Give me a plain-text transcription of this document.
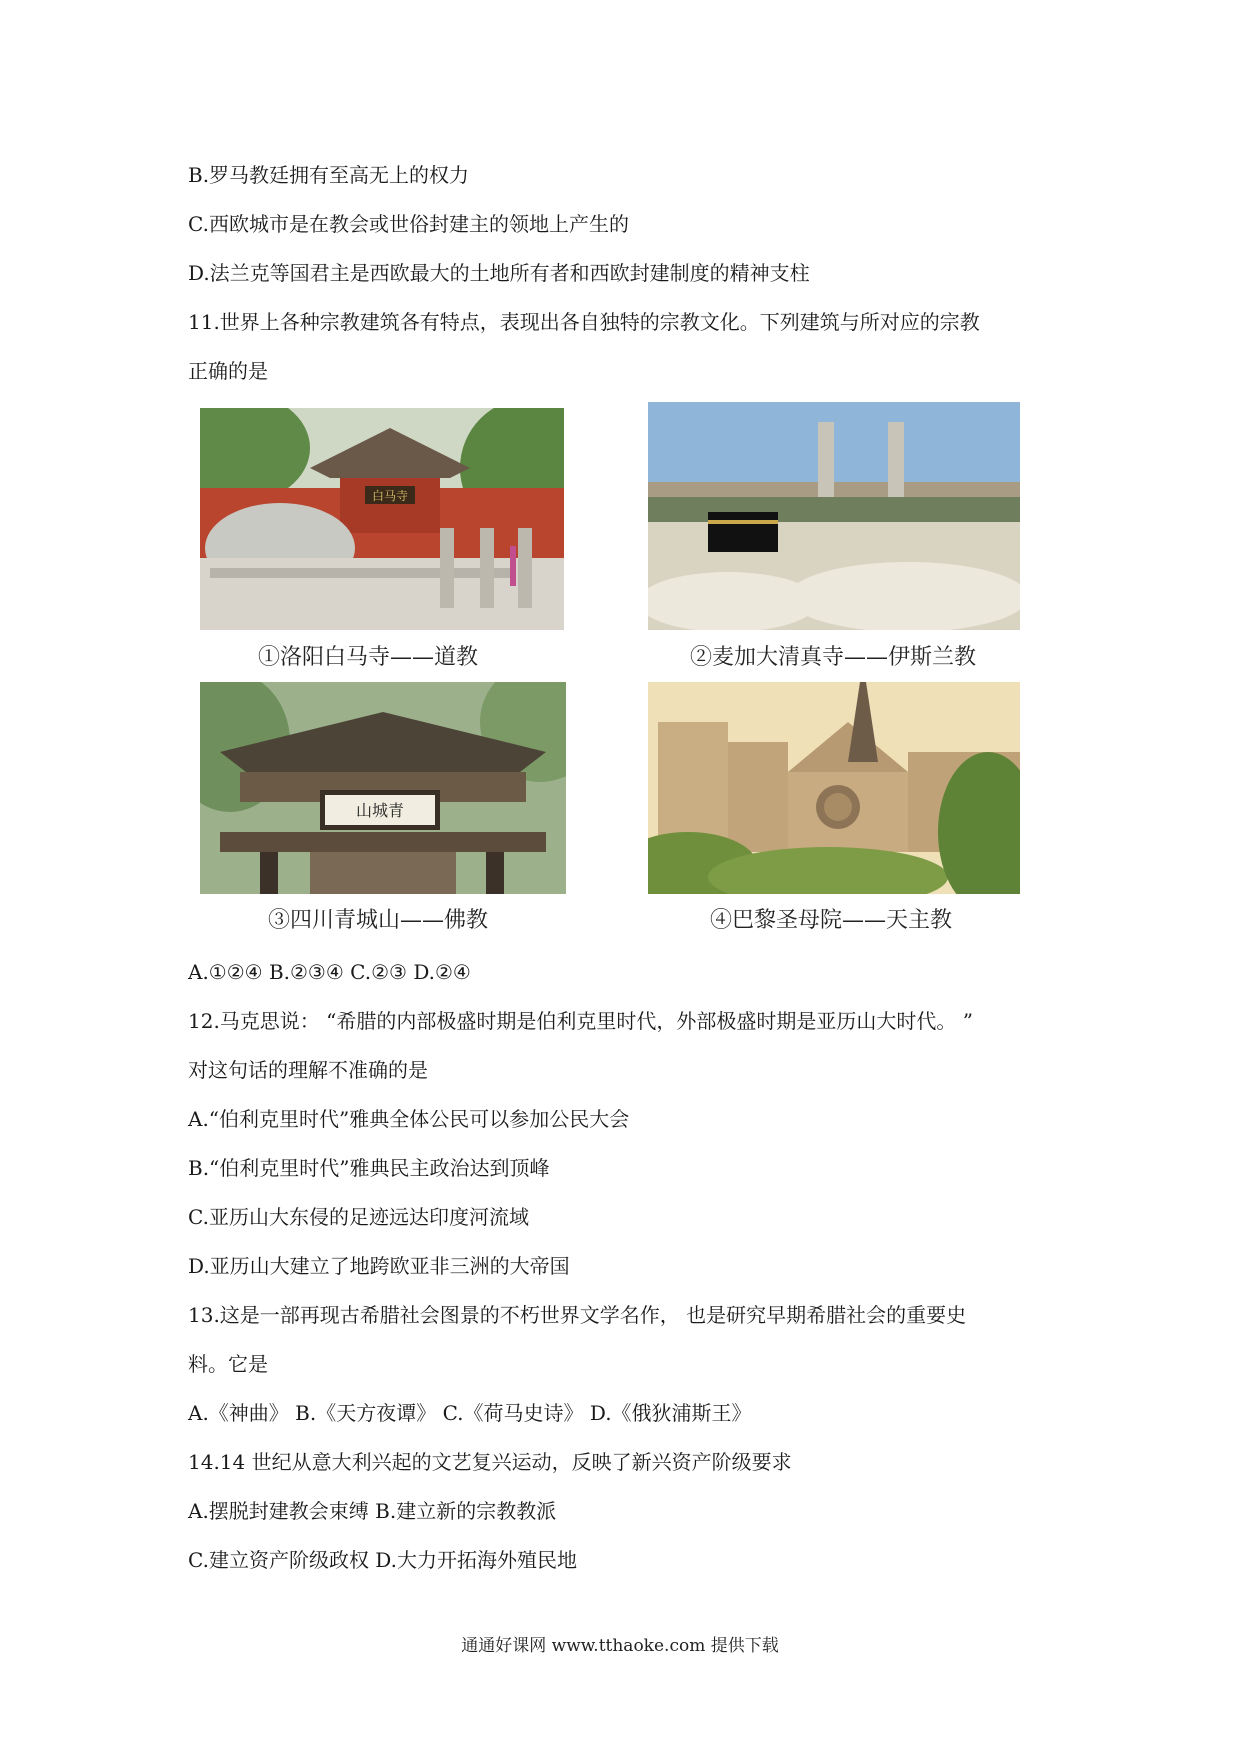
B.罗马教廷拥有至高无上的权力
C.西欧城市是在教会或世俗封建主的领地上产生的
D.法兰克等国君主是西欧最大的土地所有者和西欧封建制度的精神支柱
11.世界上各种宗教建筑各有特点，表现出各自独特的宗教文化。下列建筑与所对应的宗教
正确的是
白马寺
①洛阳白马寺——道教	②麦加大清真寺——伊斯兰教
山城青
③四川青城山——佛教	④巴黎圣母院——天主教
A.①②④ B.②③④ C.②③ D.②④
12.马克思说： “希腊的内部极盛时期是伯利克里时代，外部极盛时期是亚历山大时代。 ”
对这句话的理解不准确的是
A.“伯利克里时代”雅典全体公民可以参加公民大会
B.“伯利克里时代”雅典民主政治达到顶峰
C.亚历山大东侵的足迹远达印度河流域
D.亚历山大建立了地跨欧亚非三洲的大帝国
13.这是一部再现古希腊社会图景的不朽世界文学名作， 也是研究早期希腊社会的重要史
料。它是
A.《神曲》 B.《天方夜谭》 C.《荷马史诗》 D.《俄狄浦斯王》
14.14 世纪从意大利兴起的文艺复兴运动，反映了新兴资产阶级要求
A.摆脱封建教会束缚 B.建立新的宗教教派
C.建立资产阶级政权 D.大力开拓海外殖民地
通通好课网 www.tthaoke.com 提供下载
